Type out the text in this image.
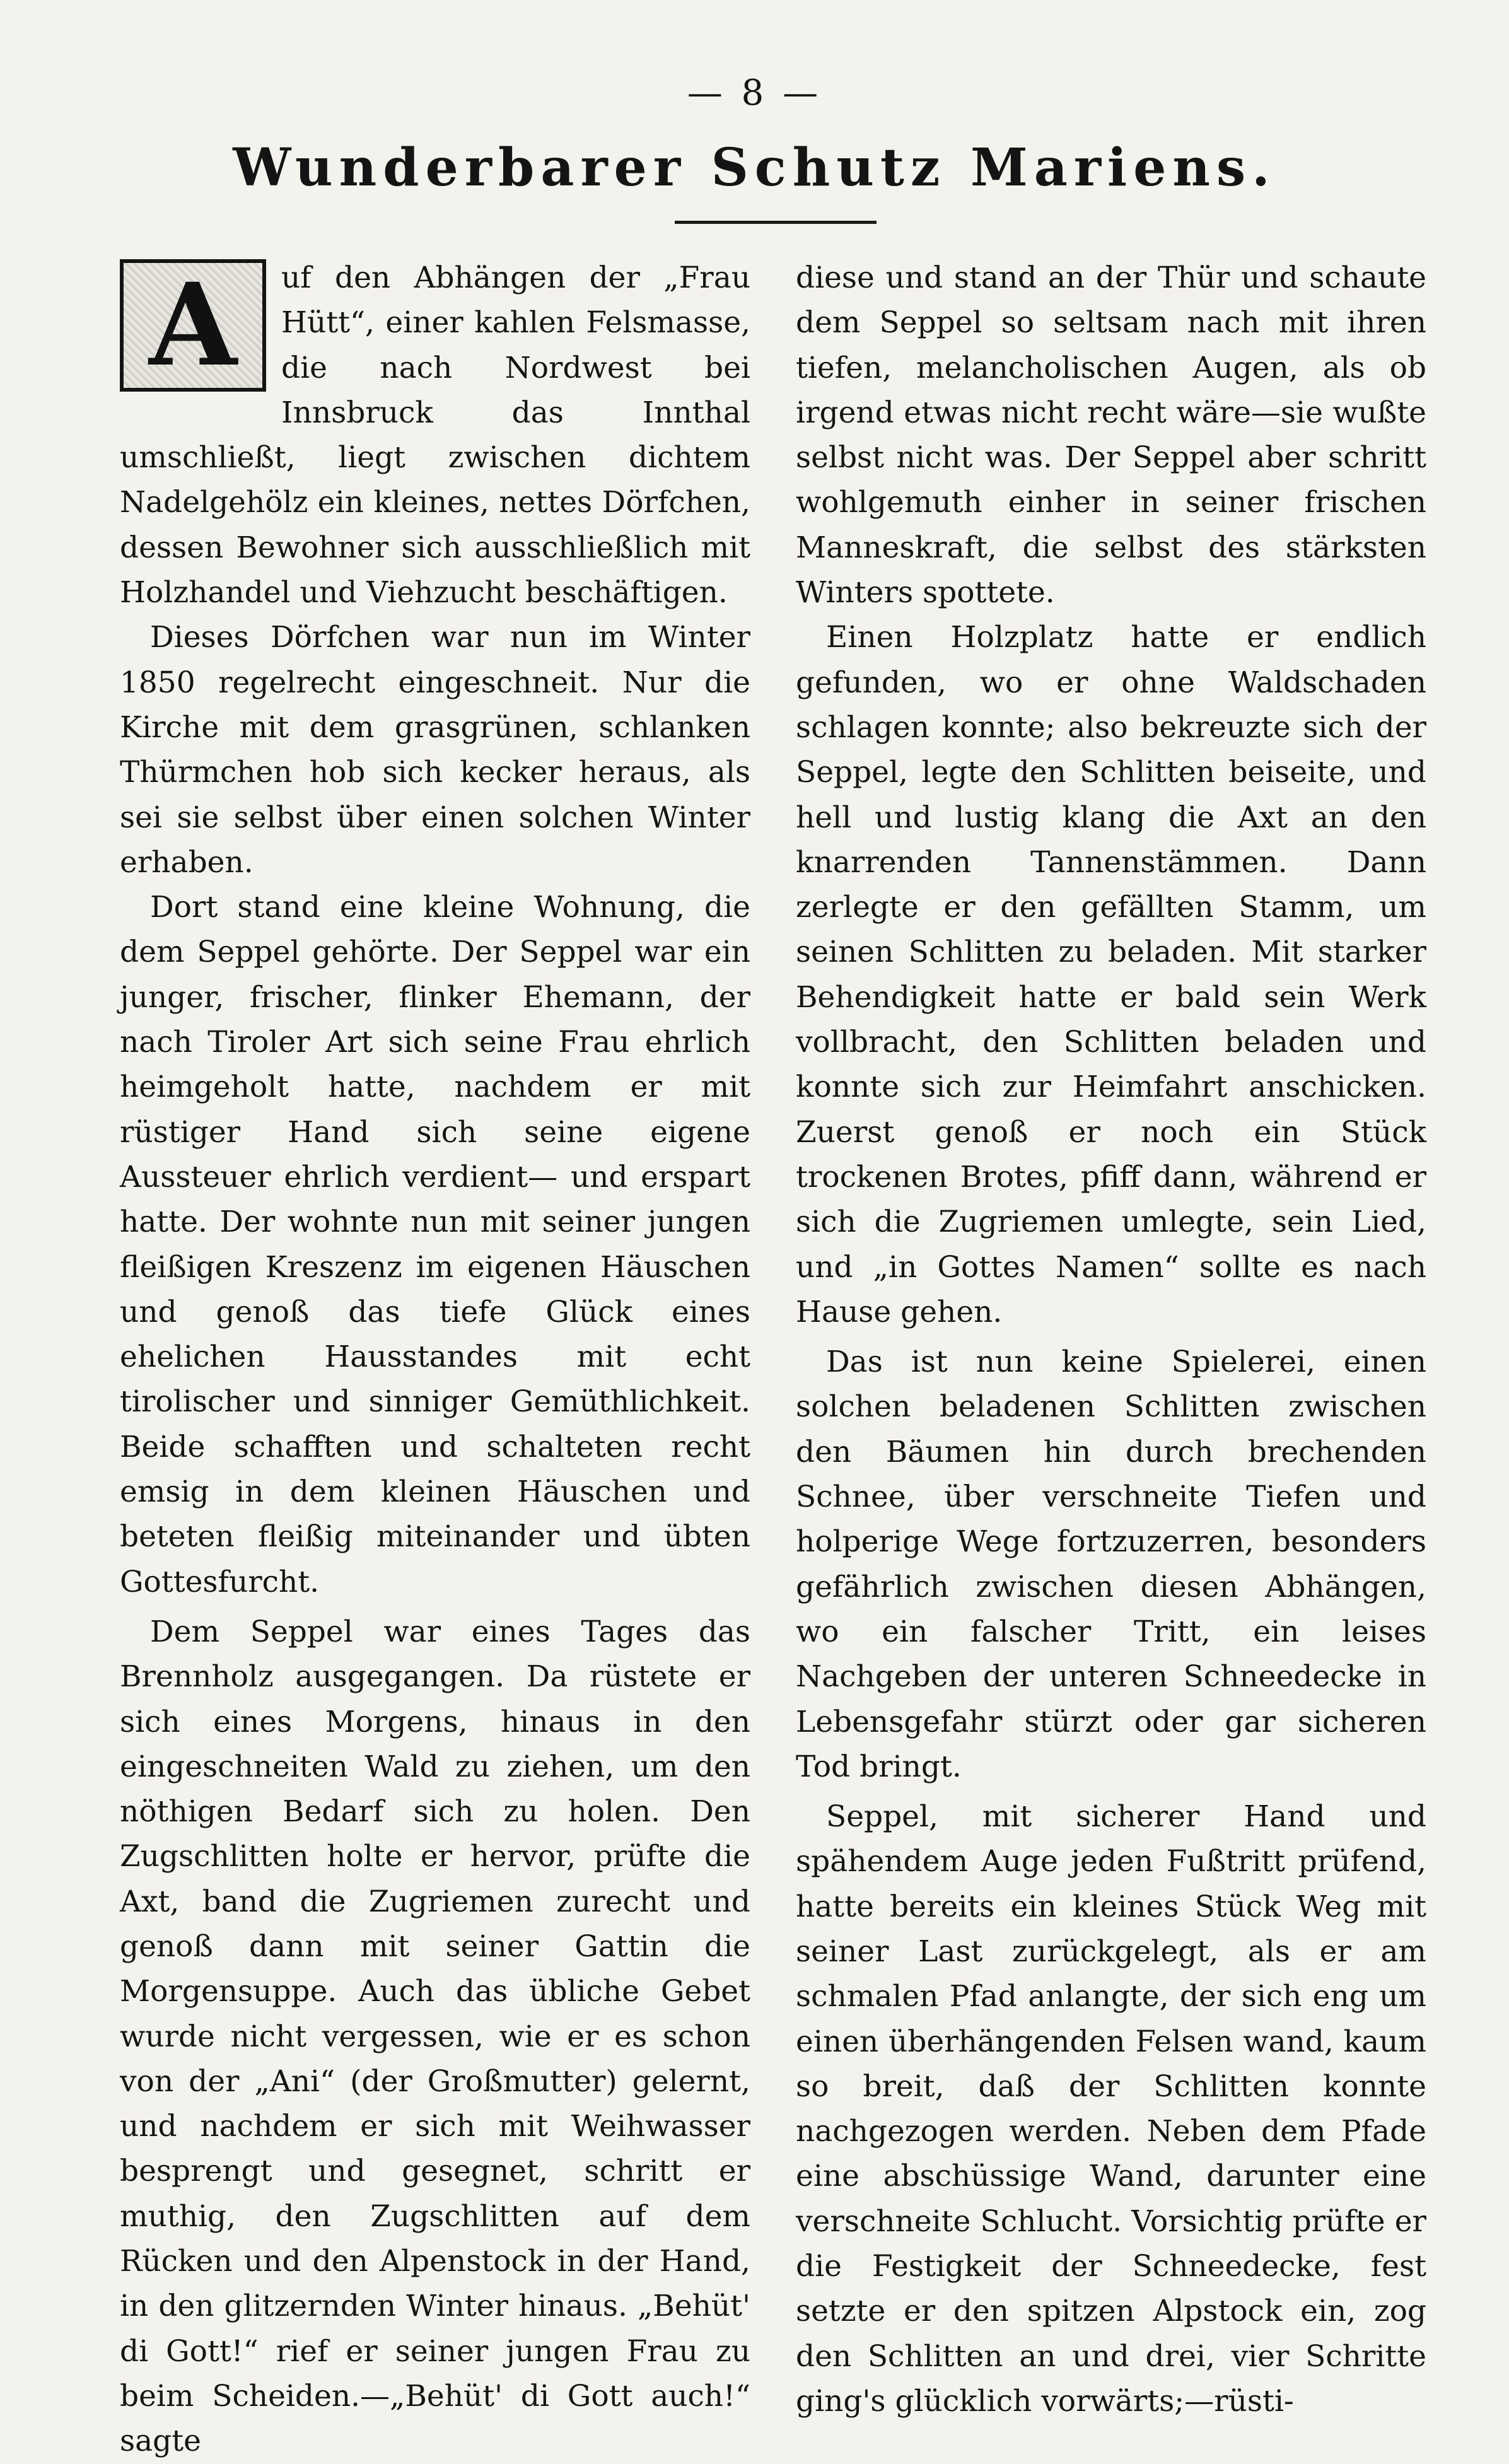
— 8 —
Wunderbarer Schutz Mariens.

A uf den Abhängen der „Frau Hütt“, einer kahlen Felsmasse, die nach Nordwest bei Innsbruck das Innthal umschließt, liegt zwischen dichtem Nadelgehölz ein kleines, nettes Dörfchen, dessen Bewohner sich ausschließlich mit Holzhandel und Viehzucht beschäftigen.

Dieses Dörfchen war nun im Winter 1850 regelrecht eingeschneit. Nur die Kirche mit dem grasgrünen, schlanken Thürmchen hob sich kecker heraus, als sei sie selbst über einen solchen Winter erhaben.

Dort stand eine kleine Wohnung, die dem Seppel gehörte. Der Seppel war ein junger, frischer, flinker Ehemann, der nach Tiroler Art sich seine Frau ehrlich heimgeholt hatte, nachdem er mit rüstiger Hand sich seine eigene Aussteuer ehrlich verdient— und erspart hatte. Der wohnte nun mit seiner jungen fleißigen Kreszenz im eigenen Häuschen und genoß das tiefe Glück eines ehelichen Hausstandes mit echt tirolischer und sinniger Gemüthlichkeit. Beide schafften und schalteten recht emsig in dem kleinen Häuschen und beteten fleißig miteinander und übten Gottesfurcht.

Dem Seppel war eines Tages das Brennholz ausgegangen. Da rüstete er sich eines Morgens, hinaus in den eingeschneiten Wald zu ziehen, um den nöthigen Bedarf sich zu holen. Den Zugschlitten holte er hervor, prüfte die Axt, band die Zugriemen zurecht und genoß dann mit seiner Gattin die Morgensuppe. Auch das übliche Gebet wurde nicht vergessen, wie er es schon von der „Ani“ (der Großmutter) gelernt, und nachdem er sich mit Weihwasser besprengt und gesegnet, schritt er muthig, den Zugschlitten auf dem Rücken und den Alpenstock in der Hand, in den glitzernden Winter hinaus. „Behüt' di Gott!“ rief er seiner jungen Frau zu beim Scheiden.—„Behüt' di Gott auch!“ sagte

diese und stand an der Thür und schaute dem Seppel so seltsam nach mit ihren tiefen, melancholischen Augen, als ob irgend etwas nicht recht wäre—sie wußte selbst nicht was. Der Seppel aber schritt wohlgemuth einher in seiner frischen Manneskraft, die selbst des stärksten Winters spottete.

Einen Holzplatz hatte er endlich gefunden, wo er ohne Waldschaden schlagen konnte; also bekreuzte sich der Seppel, legte den Schlitten beiseite, und hell und lustig klang die Axt an den knarrenden Tannenstämmen. Dann zerlegte er den gefällten Stamm, um seinen Schlitten zu beladen. Mit starker Behendigkeit hatte er bald sein Werk vollbracht, den Schlitten beladen und konnte sich zur Heimfahrt anschicken. Zuerst genoß er noch ein Stück trockenen Brotes, pfiff dann, während er sich die Zugriemen umlegte, sein Lied, und „in Gottes Namen“ sollte es nach Hause gehen.

Das ist nun keine Spielerei, einen solchen beladenen Schlitten zwischen den Bäumen hin durch brechenden Schnee, über verschneite Tiefen und holperige Wege fortzuzerren, besonders gefährlich zwischen diesen Abhängen, wo ein falscher Tritt, ein leises Nachgeben der unteren Schneedecke in Lebensgefahr stürzt oder gar sicheren Tod bringt.

Seppel, mit sicherer Hand und spähendem Auge jeden Fußtritt prüfend, hatte bereits ein kleines Stück Weg mit seiner Last zurückgelegt, als er am schmalen Pfad anlangte, der sich eng um einen überhängenden Felsen wand, kaum so breit, daß der Schlitten konnte nachgezogen werden. Neben dem Pfade eine abschüssige Wand, darunter eine verschneite Schlucht. Vorsichtig prüfte er die Festigkeit der Schneedecke, fest setzte er den spitzen Alpstock ein, zog den Schlitten an und drei, vier Schritte ging's glücklich vorwärts;—rüsti-
